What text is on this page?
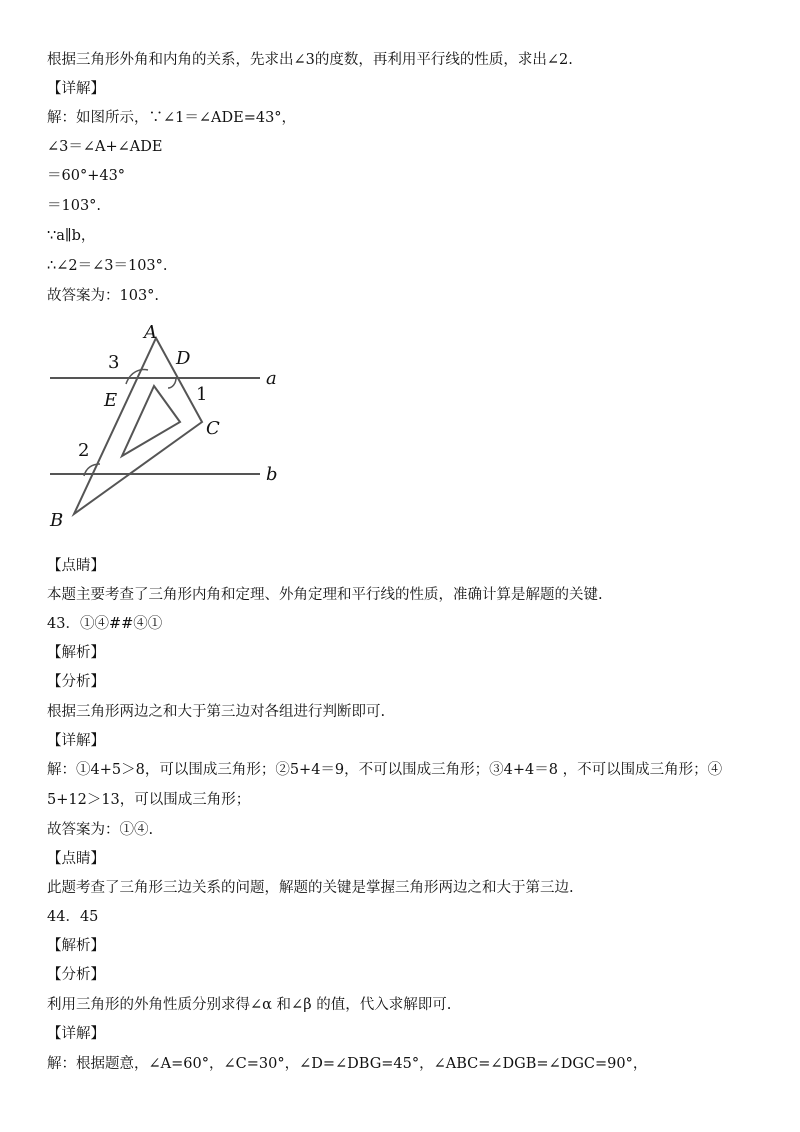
根据三角形外角和内角的关系，先求出∠3的度数，再利用平行线的性质，求出∠2.
【详解】
解：如图所示，∵∠1＝∠ADE=43°，
∠3＝∠A+∠ADE
＝60°+43°
＝103°.
∵a∥b，
∴∠2＝∠3＝103°.
故答案为：103°.
A
D
a
E
C
b
B
3
1
2
【点睛】
本题主要考查了三角形内角和定理、外角定理和平行线的性质，准确计算是解题的关键.
43．①④##④①
【解析】
【分析】
根据三角形两边之和大于第三边对各组进行判断即可.
【详解】
解：①4+5＞8，可以围成三角形；②5+4＝9，不可以围成三角形；③4+4＝8 ，不可以围成三角形；④
5+12＞13，可以围成三角形；
故答案为：①④.
【点睛】
此题考查了三角形三边关系的问题，解题的关键是掌握三角形两边之和大于第三边.
44．45
【解析】
【分析】
利用三角形的外角性质分别求得∠α 和∠β 的值，代入求解即可.
【详解】
解：根据题意，∠A=60°，∠C=30°，∠D=∠DBG=45°，∠ABC=∠DGB=∠DGC=90°，
